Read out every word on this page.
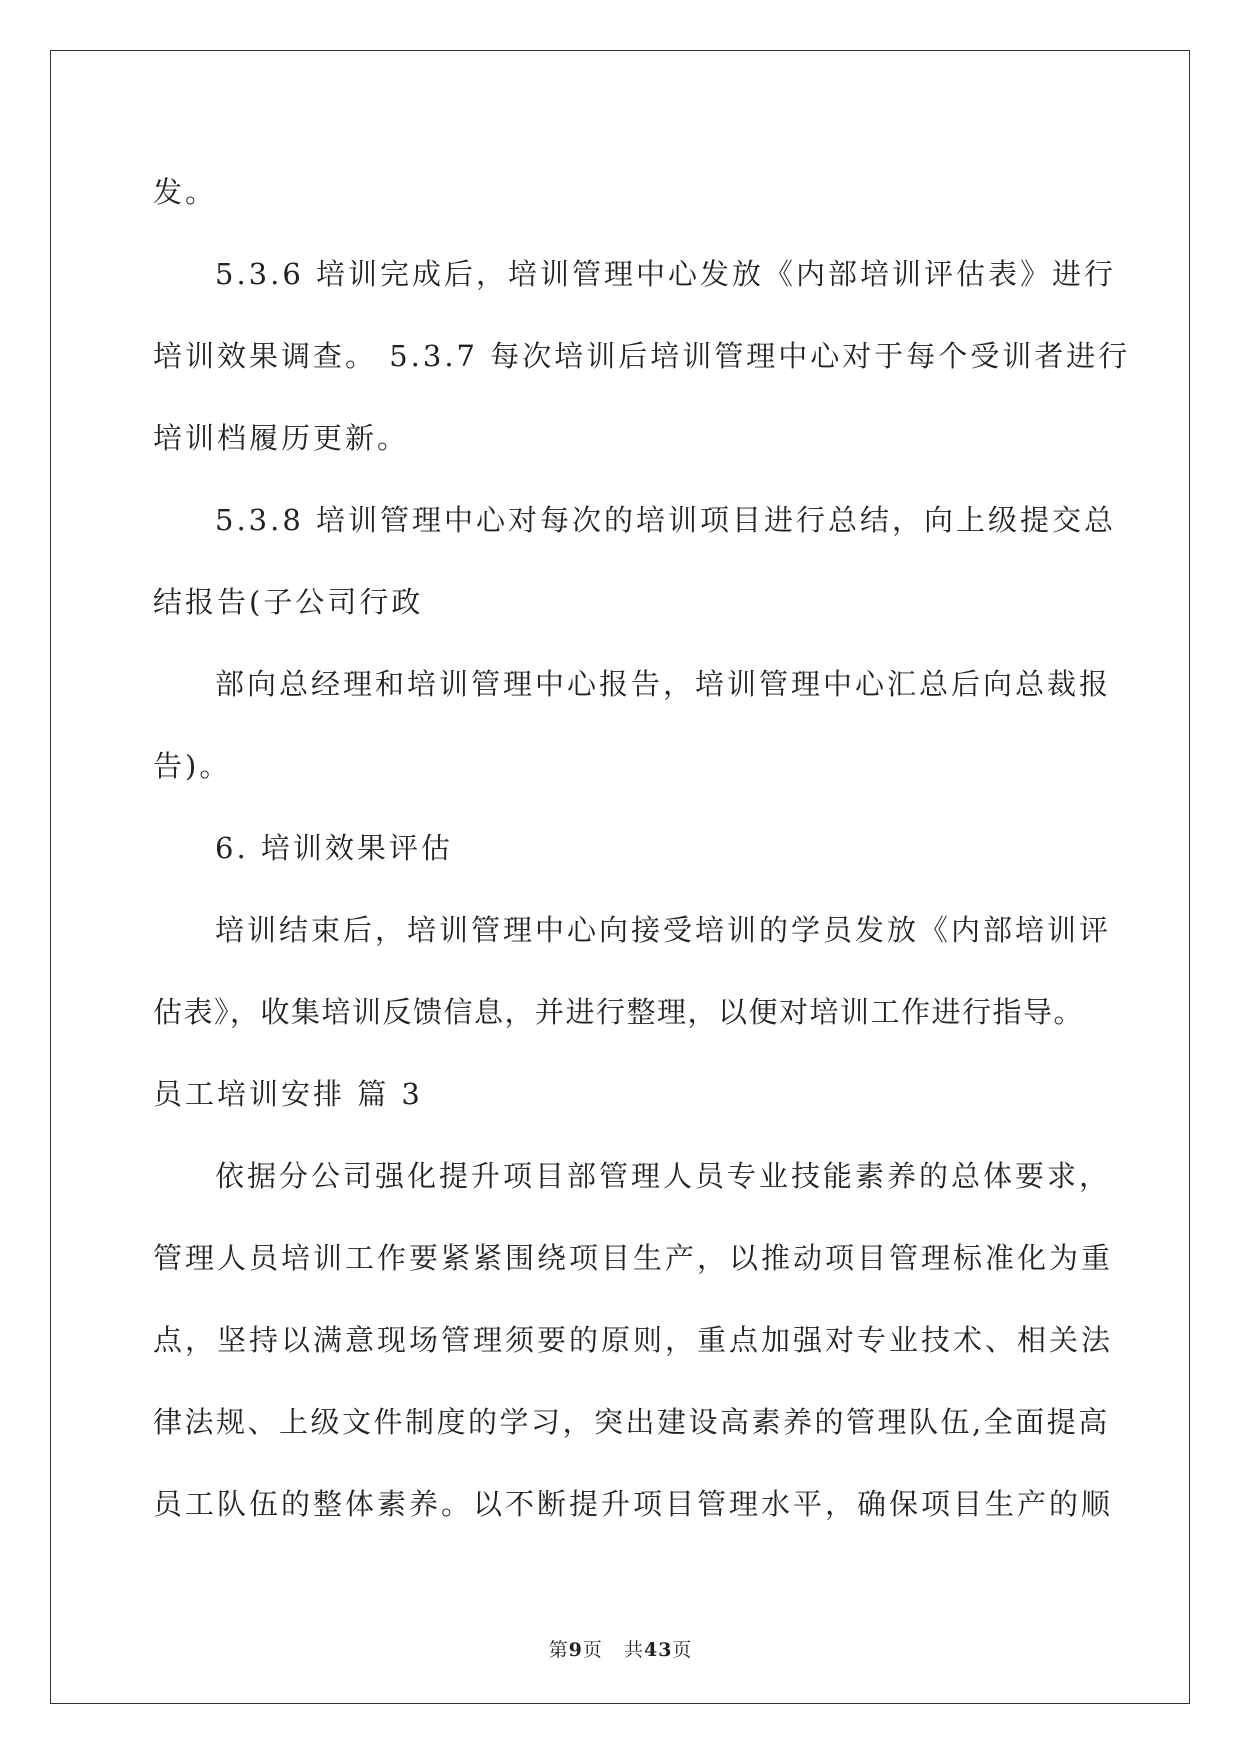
发。
5.3.6 培训完成后，培训管理中心发放《内部培训评估表》进行
培训效果调查。 5.3.7 每次培训后培训管理中心对于每个受训者进行
培训档履历更新。
5.3.8 培训管理中心对每次的培训项目进行总结，向上级提交总
结报告(子公司行政
部向总经理和培训管理中心报告，培训管理中心汇总后向总裁报
告)。
6. 培训效果评估
培训结束后，培训管理中心向接受培训的学员发放《内部培训评
估表》，收集培训反馈信息，并进行整理，以便对培训工作进行指导。
员工培训安排 篇 3
依据分公司强化提升项目部管理人员专业技能素养的总体要求，
管理人员培训工作要紧紧围绕项目生产，以推动项目管理标准化为重
点，坚持以满意现场管理须要的原则，重点加强对专业技术、相关法
律法规、上级文件制度的学习，突出建设高素养的管理队伍,全面提高
员工队伍的整体素养。以不断提升项目管理水平，确保项目生产的顺
第9页 共43页
